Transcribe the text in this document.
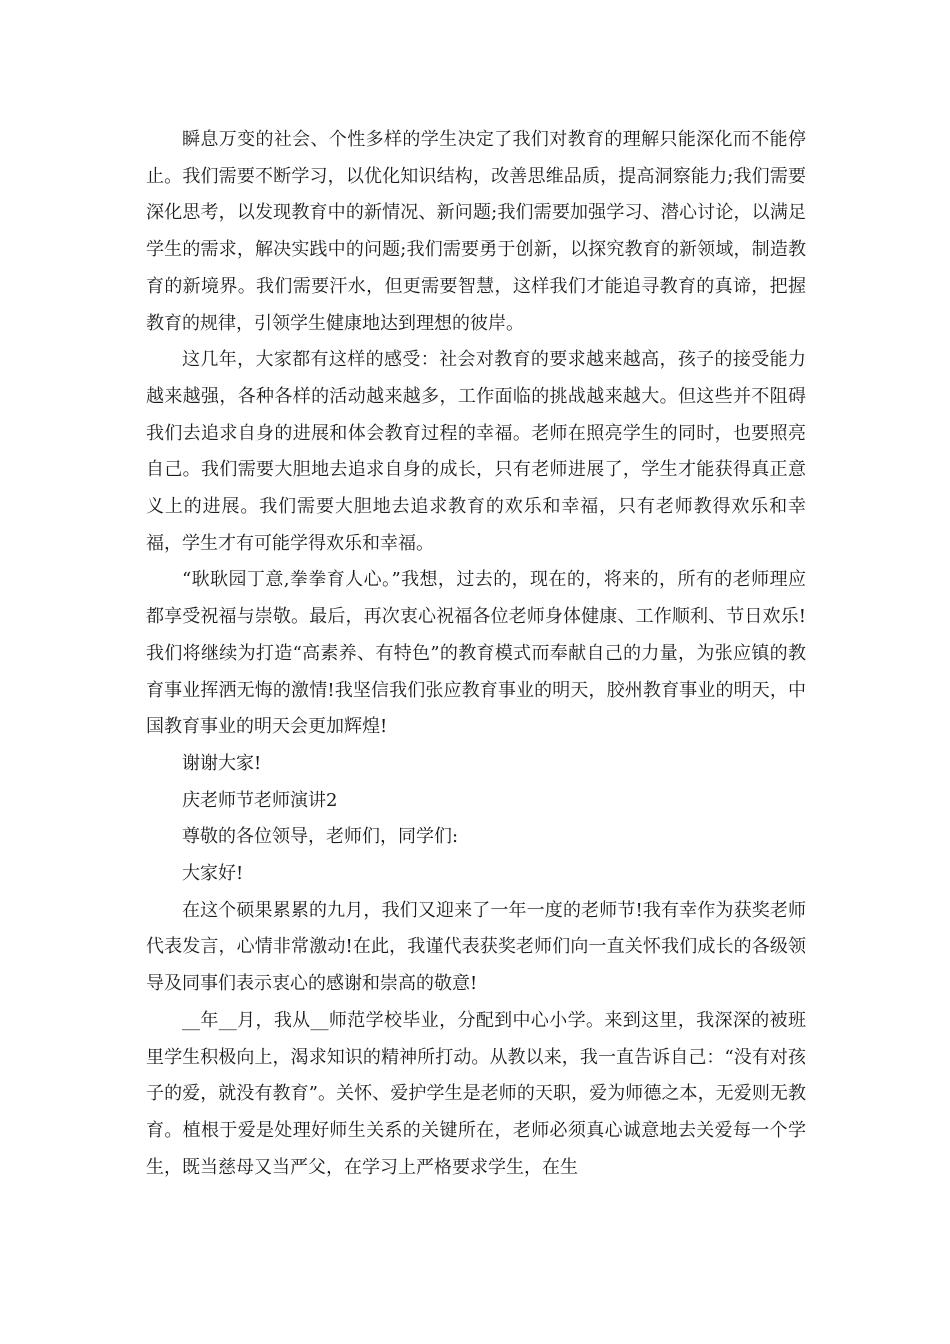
瞬息万变的社会、个性多样的学生决定了我们对教育的理解只能深化而不能停止。我们需要不断学习，以优化知识结构，改善思维品质，提高洞察能力;我们需要深化思考，以发现教育中的新情况、新问题;我们需要加强学习、潜心讨论，以满足学生的需求，解决实践中的问题;我们需要勇于创新，以探究教育的新领域，制造教育的新境界。我们需要汗水，但更需要智慧，这样我们才能追寻教育的真谛，把握教育的规律，引领学生健康地达到理想的彼岸。

这几年，大家都有这样的感受：社会对教育的要求越来越高，孩子的接受能力越来越强，各种各样的活动越来越多，工作面临的挑战越来越大。但这些并不阻碍我们去追求自身的进展和体会教育过程的幸福。老师在照亮学生的同时，也要照亮自己。我们需要大胆地去追求自身的成长，只有老师进展了，学生才能获得真正意义上的进展。我们需要大胆地去追求教育的欢乐和幸福，只有老师教得欢乐和幸福，学生才有可能学得欢乐和幸福。

“耿耿园丁意,拳拳育人心。”我想，过去的，现在的，将来的，所有的老师理应都享受祝福与崇敬。最后，再次衷心祝福各位老师身体健康、工作顺利、节日欢乐!我们将继续为打造“高素养、有特色”的教育模式而奉献自己的力量，为张应镇的教育事业挥洒无悔的激情!我坚信我们张应教育事业的明天，胶州教育事业的明天，中国教育事业的明天会更加辉煌!

谢谢大家!

庆老师节老师演讲2

尊敬的各位领导，老师们，同学们:

大家好!

在这个硕果累累的九月，我们又迎来了一年一度的老师节!我有幸作为获奖老师代表发言，心情非常激动!在此，我谨代表获奖老师们向一直关怀我们成长的各级领导及同事们表示衷心的感谢和崇高的敬意!

__年__月，我从__师范学校毕业，分配到中心小学。来到这里，我深深的被班里学生积极向上，渴求知识的精神所打动。从教以来，我一直告诉自己：“没有对孩子的爱，就没有教育”。关怀、爱护学生是老师的天职，爱为师德之本，无爱则无教育。植根于爱是处理好师生关系的关键所在，老师必须真心诚意地去关爱每一个学生，既当慈母又当严父，在学习上严格要求学生，在生
